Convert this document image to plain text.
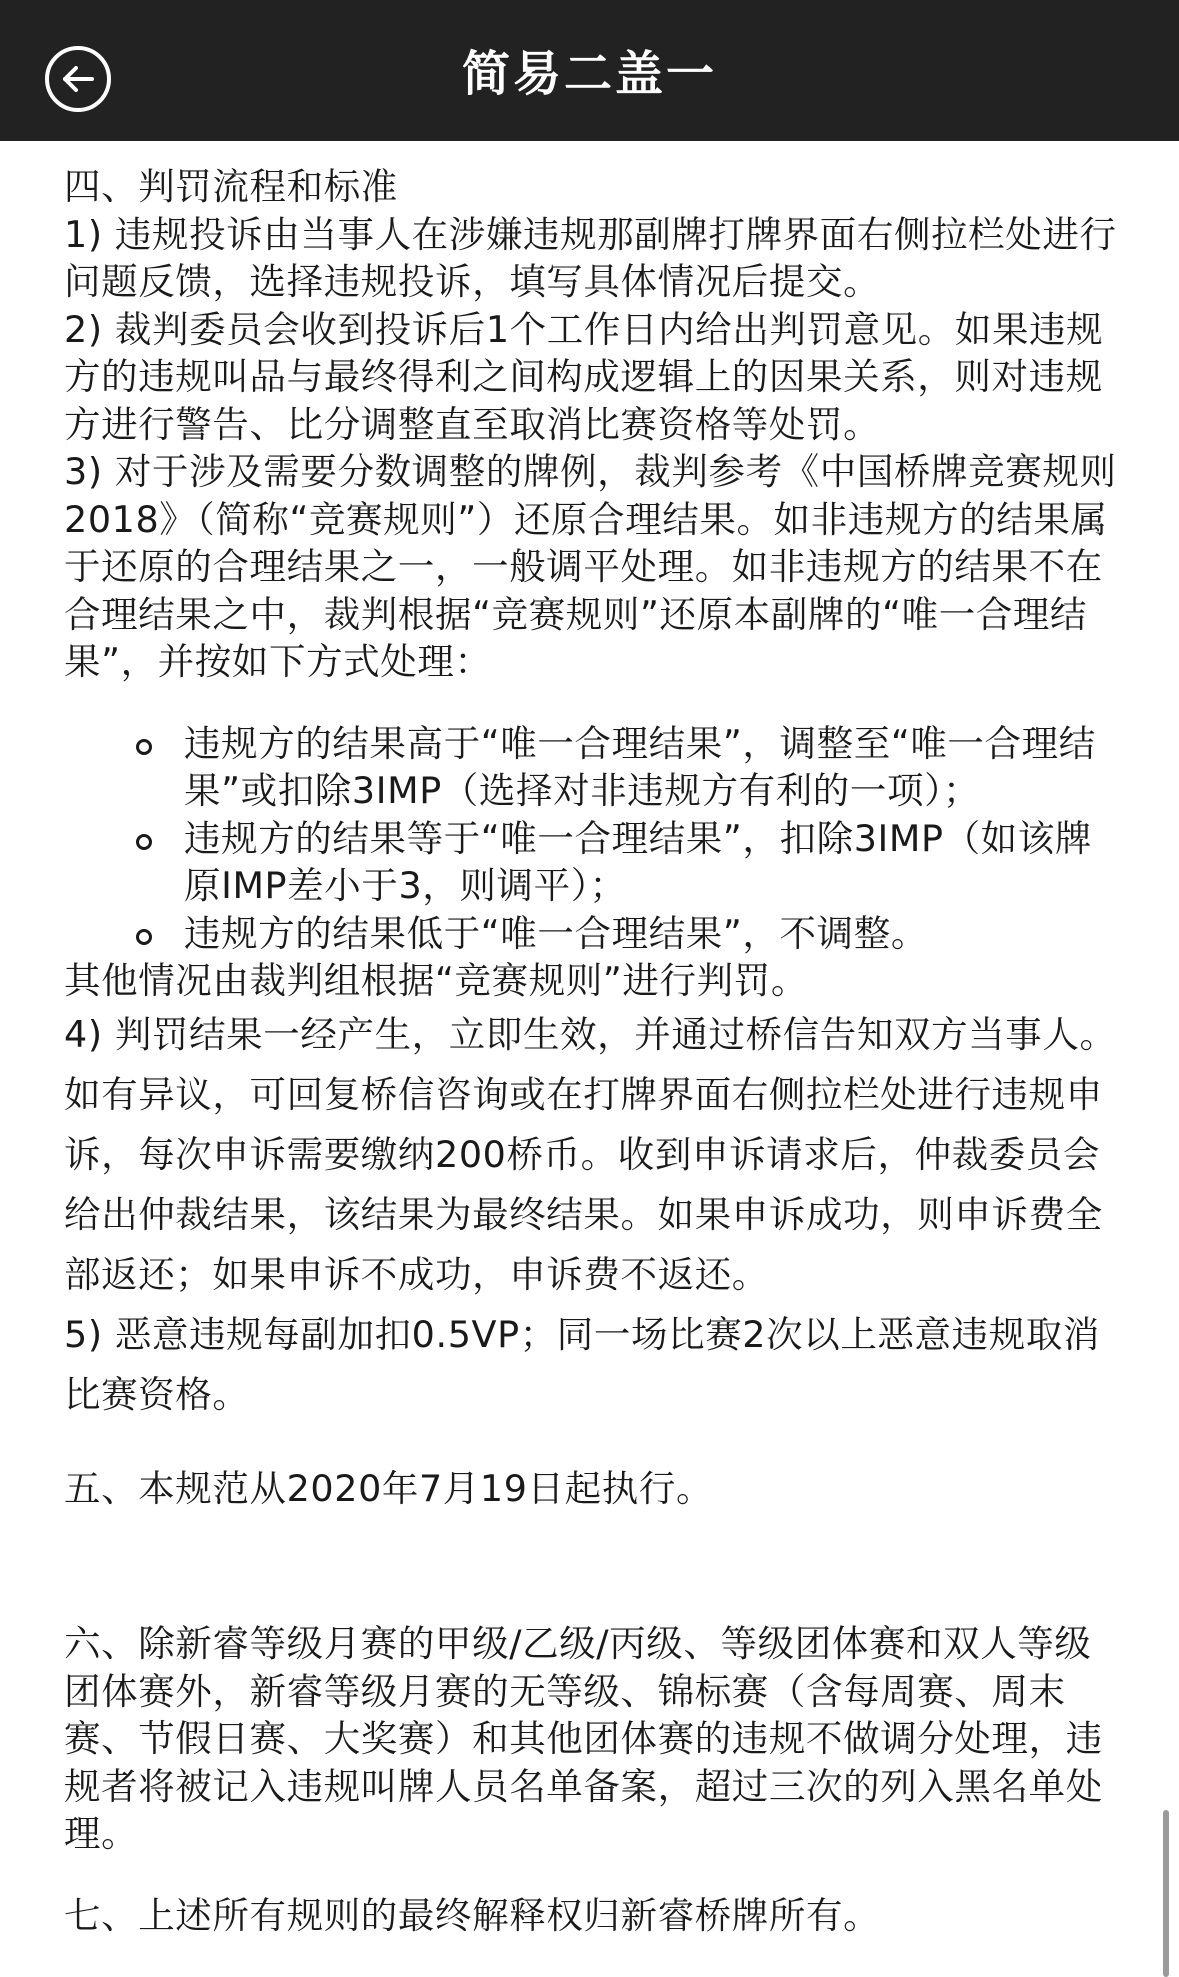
简易二盖一

四、判罚流程和标准

1) 违规投诉由当事人在涉嫌违规那副牌打牌界面右侧拉栏处进行问题反馈，选择违规投诉，填写具体情况后提交。

2) 裁判委员会收到投诉后1个工作日内给出判罚意见。如果违规方的违规叫品与最终得利之间构成逻辑上的因果关系，则对违规方进行警告、比分调整直至取消比赛资格等处罚。

3) 对于涉及需要分数调整的牌例，裁判参考《中国桥牌竞赛规则2018》（简称“竞赛规则”）还原合理结果。如非违规方的结果属于还原的合理结果之一，一般调平处理。如非违规方的结果不在合理结果之中，裁判根据“竞赛规则”还原本副牌的“唯一合理结果”，并按如下方式处理：

违规方的结果高于“唯一合理结果”，调整至“唯一合理结果”或扣除3IMP（选择对非违规方有利的一项）；
违规方的结果等于“唯一合理结果”，扣除3IMP（如该牌原IMP差小于3，则调平）；
违规方的结果低于“唯一合理结果”，不调整。

其他情况由裁判组根据“竞赛规则”进行判罚。

4) 判罚结果一经产生，立即生效，并通过桥信告知双方当事人。如有异议，可回复桥信咨询或在打牌界面右侧拉栏处进行违规申诉，每次申诉需要缴纳200桥币。收到申诉请求后，仲裁委员会给出仲裁结果，该结果为最终结果。如果申诉成功，则申诉费全部返还；如果申诉不成功，申诉费不返还。

5) 恶意违规每副加扣0.5VP；同一场比赛2次以上恶意违规取消比赛资格。

五、本规范从2020年7月19日起执行。

六、除新睿等级月赛的甲级/乙级/丙级、等级团体赛和双人等级团体赛外，新睿等级月赛的无等级、锦标赛（含每周赛、周末赛、节假日赛、大奖赛）和其他团体赛的违规不做调分处理，违规者将被记入违规叫牌人员名单备案，超过三次的列入黑名单处理。

七、上述所有规则的最终解释权归新睿桥牌所有。
